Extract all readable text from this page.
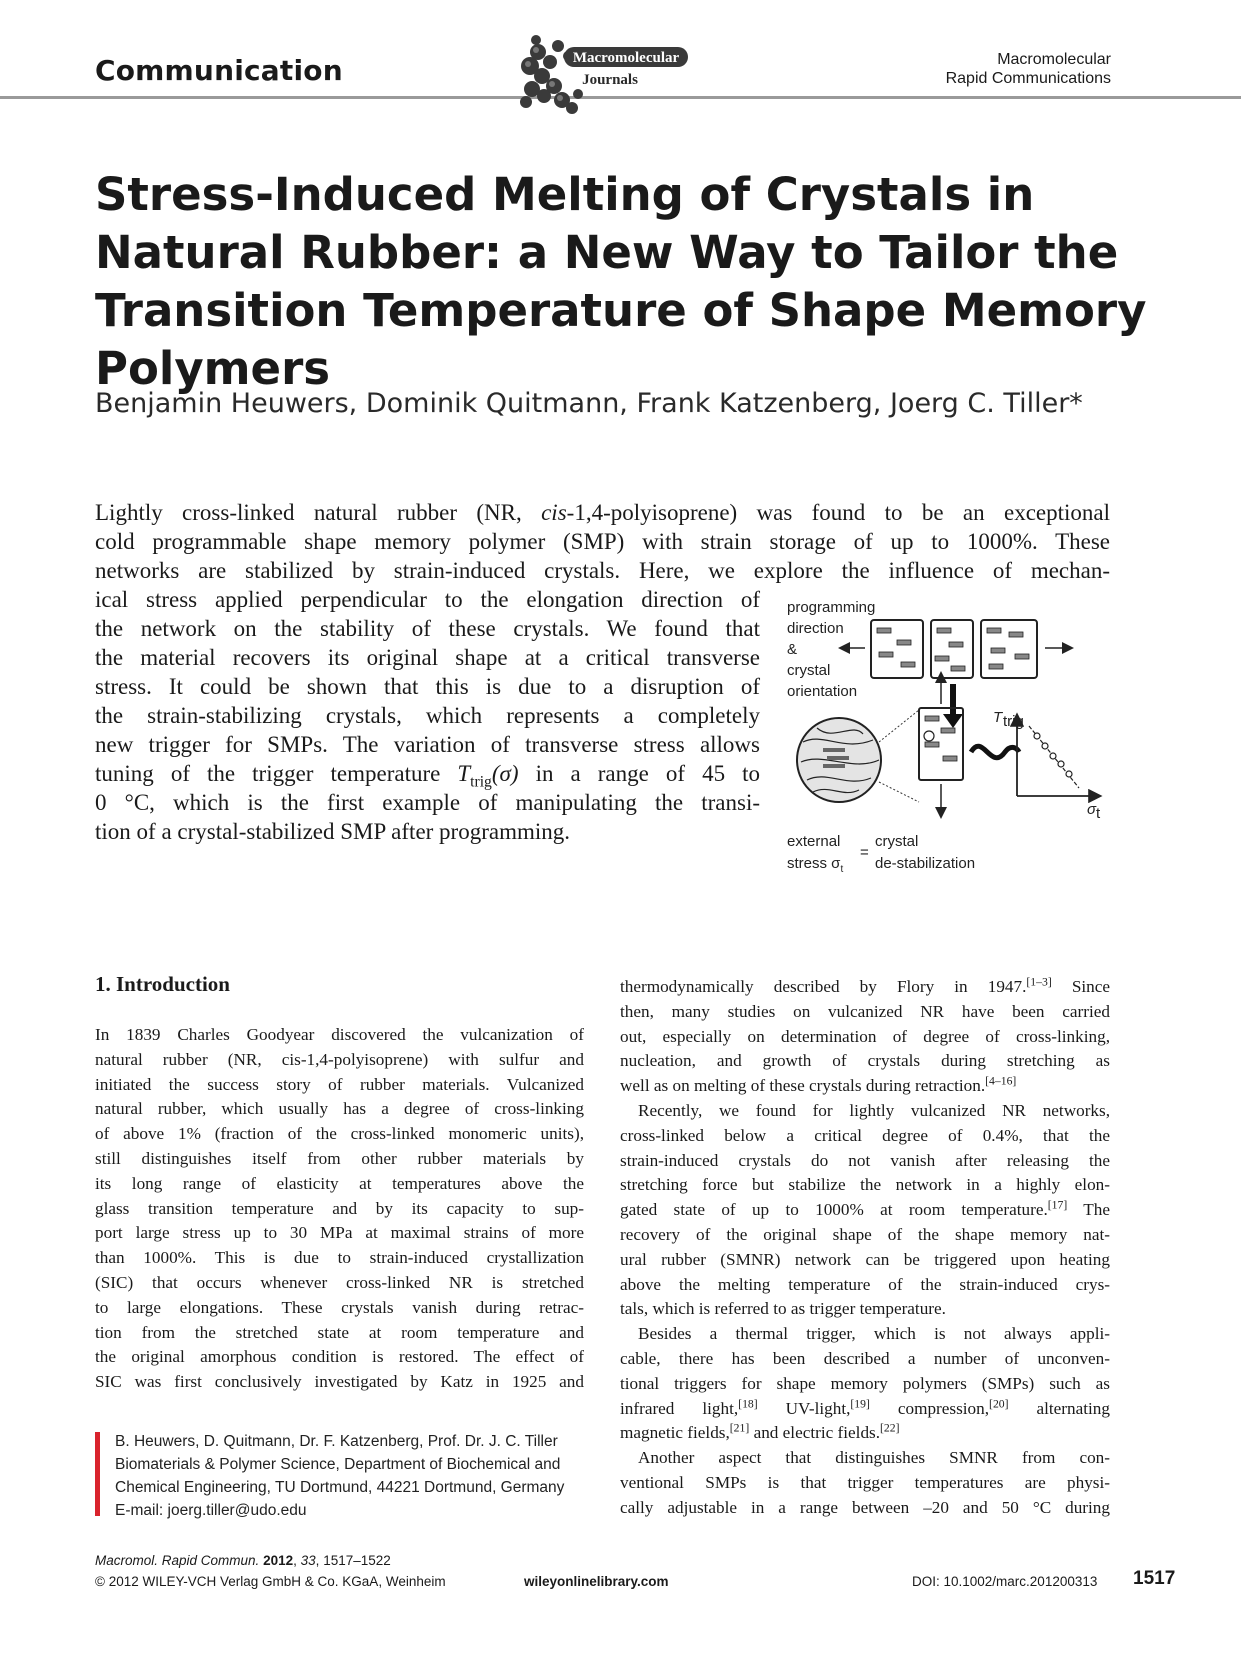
Communication	Macromolecular
Journals
Macromolecular
Rapid Communications
Stress-Induced Melting of Crystals in Natural Rubber: a New Way to Tailor the Transition Temperature of Shape Memory Polymers
Benjamin Heuwers, Dominik Quitmann, Frank Katzenberg, Joerg C. Tiller*
Lightly cross-linked natural rubber (NR, cis-1,4-polyisoprene) was found to be an exceptional
cold programmable shape memory polymer (SMP) with strain storage of up to 1000%. These
networks are stabilized by strain-induced crystals. Here, we explore the influence of mechan-
ical stress applied perpendicular to the elongation direction of
the network on the stability of these crystals. We found that
the material recovers its original shape at a critical transverse
stress. It could be shown that this is due to a disruption of
the strain-stabilizing crystals, which represents a completely
new trigger for SMPs. The variation of transverse stress allows
tuning of the trigger temperature $T_{trig}(\sigma)$ in a range of 45 to
0 °C, which is the first example of manipulating the transi-
tion of a crystal-stabilized SMP after programming.
programming
direction
&
crystal
orientation
T trig
σ t
external
stress $\sigma_t$
=
crystal
de-stabilization
1. Introduction
In 1839 Charles Goodyear discovered the vulcanization of
natural rubber (NR, cis-1,4-polyisoprene) with sulfur and
initiated the success story of rubber materials. Vulcanized
natural rubber, which usually has a degree of cross-linking
of above 1% (fraction of the cross-linked monomeric units),
still distinguishes itself from other rubber materials by
its long range of elasticity at temperatures above the
glass transition temperature and by its capacity to sup-
port large stress up to 30 MPa at maximal strains of more
than 1000%. This is due to strain-induced crystallization
(SIC) that occurs whenever cross-linked NR is stretched
to large elongations. These crystals vanish during retrac-
tion from the stretched state at room temperature and
the original amorphous condition is restored. The effect of
SIC was first conclusively investigated by Katz in 1925 and
thermodynamically described by Flory in 1947.[1–3] Since
then, many studies on vulcanized NR have been carried
out, especially on determination of degree of cross-linking,
nucleation, and growth of crystals during stretching as
well as on melting of these crystals during retraction.[4–16]
Recently, we found for lightly vulcanized NR networks,
cross-linked below a critical degree of 0.4%, that the
strain-induced crystals do not vanish after releasing the
stretching force but stabilize the network in a highly elon-
gated state of up to 1000% at room temperature.[17] The
recovery of the original shape of the shape memory nat-
ural rubber (SMNR) network can be triggered upon heating
above the melting temperature of the strain-induced crys-
tals, which is referred to as trigger temperature.
Besides a thermal trigger, which is not always appli-
cable, there has been described a number of unconven-
tional triggers for shape memory polymers (SMPs) such as
infrared light,[18] UV-light,[19] compression,[20] alternating
magnetic fields,[21] and electric fields.[22]
Another aspect that distinguishes SMNR from con-
ventional SMPs is that trigger temperatures are physi-
cally adjustable in a range between –20 and 50 °C during
B. Heuwers, D. Quitmann, Dr. F. Katzenberg, Prof. Dr. J. C. Tiller
Biomaterials & Polymer Science, Department of Biochemical and
Chemical Engineering, TU Dortmund, 44221 Dortmund, Germany
E-mail: joerg.tiller@udo.edu
Macromol. Rapid Commun. 2012, 33, 1517–1522
© 2012 WILEY-VCH Verlag GmbH & Co. KGaA, Weinheim	wileyonlinelibrary.com	DOI: 10.1002/marc.201200313 1517
